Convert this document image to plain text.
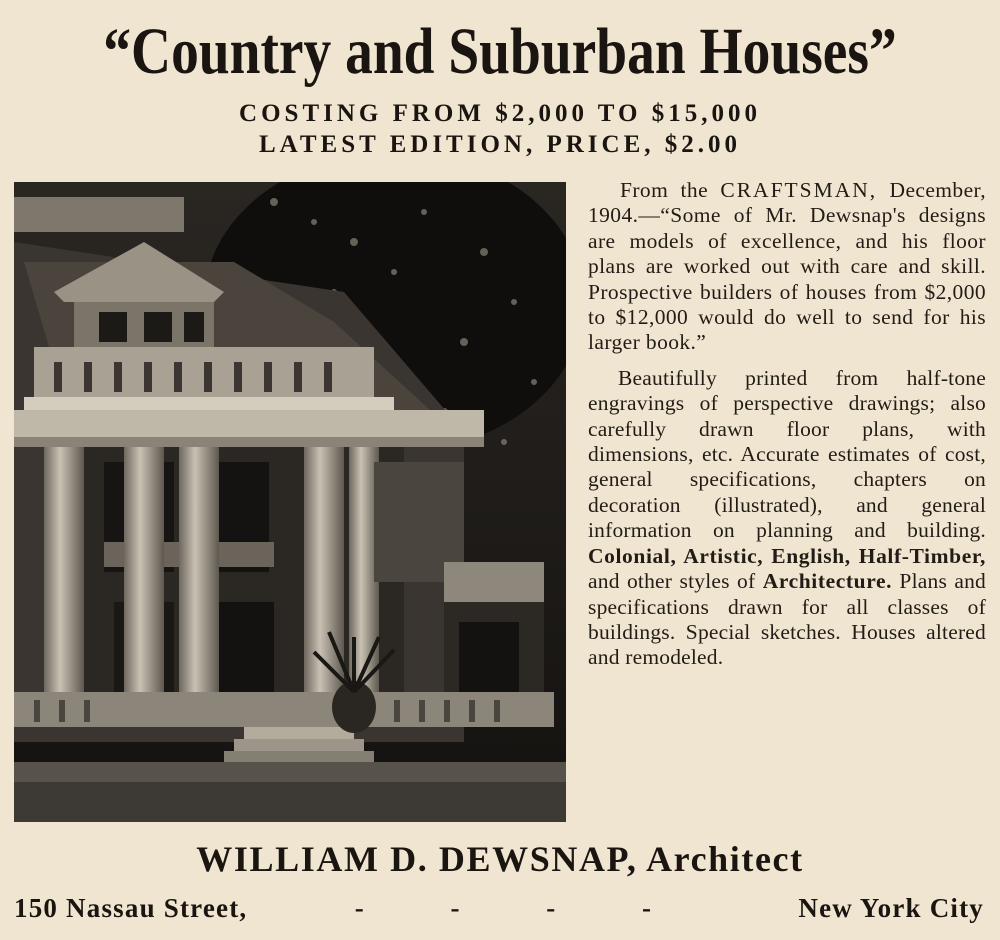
“Country and Suburban Houses”
COSTING FROM $2,000 TO $15,000
LATEST EDITION, PRICE, $2.00

From the CRAFTSMAN, December, 1904.—“Some of Mr. Dewsnap's designs are models of excellence, and his floor plans are worked out with care and skill. Prospective builders of houses from $2,000 to $12,000 would do well to send for his larger book.”

Beautifully printed from half-tone engravings of perspective drawings; also carefully drawn floor plans, with dimensions, etc. Accurate estimates of cost, general specifications, chapters on decoration (illustrated), and general information on planning and building. Colonial, Artistic, English, Half-Timber, and other styles of Architecture. Plans and specifications drawn for all classes of buildings. Special sketches. Houses altered and remodeled.

WILLIAM D. DEWSNAP, Architect
150 Nassau Street,	- - - -	New York City
